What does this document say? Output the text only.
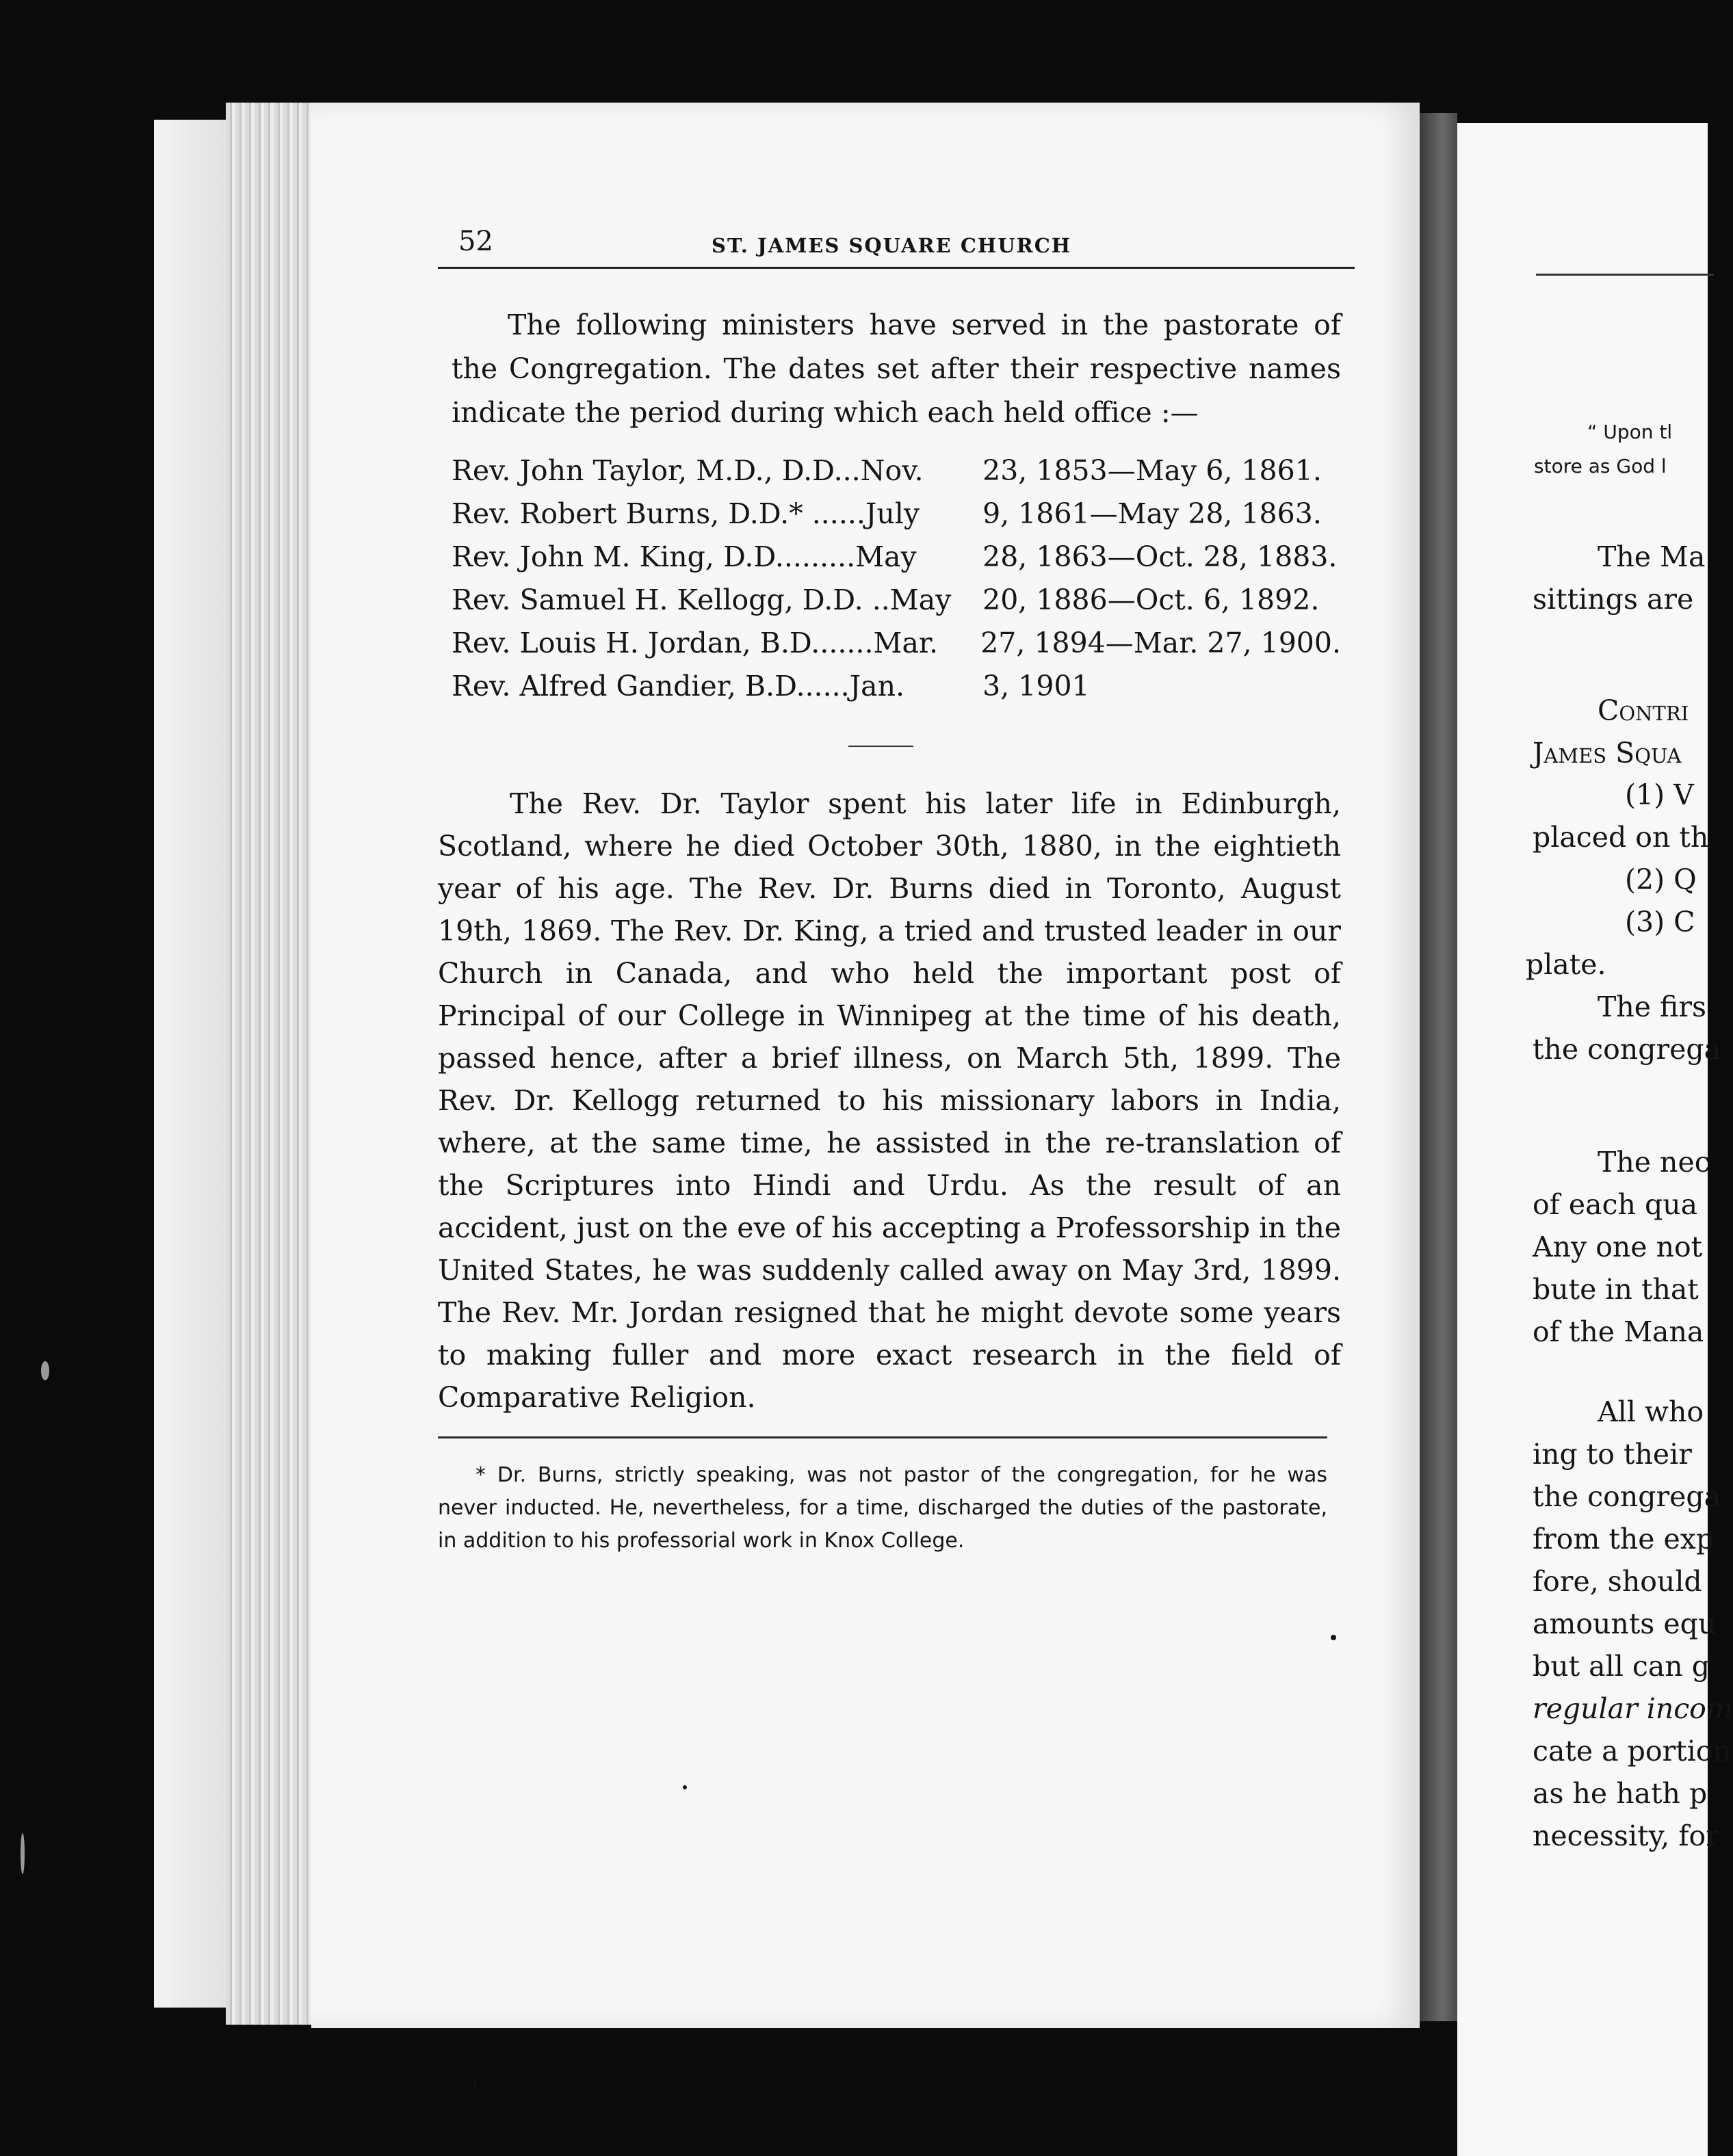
52	ST. JAMES SQUARE CHURCH

The following ministers have served in the pastorate of the Congregation. The dates set after their respective names indicate the period during which each held office :—

Rev. John Taylor, M.D., D.D...Nov.	23, 1853—May 6, 1861.
Rev. Robert Burns, D.D.* ......July	9, 1861—May 28, 1863.
Rev. John M. King, D.D.........May	28, 1863—Oct. 28, 1883.
Rev. Samuel H. Kellogg, D.D. ..May	20, 1886—Oct. 6, 1892.
Rev. Louis H. Jordan, B.D.......Mar.	27, 1894—Mar. 27, 1900.
Rev. Alfred Gandier, B.D......Jan.	3, 1901

The Rev. Dr. Taylor spent his later life in Edinburgh, Scotland, where he died October 30th, 1880, in the eightieth year of his age. The Rev. Dr. Burns died in Toronto, August 19th, 1869. The Rev. Dr. King, a tried and trusted leader in our Church in Canada, and who held the important post of Principal of our College in Winnipeg at the time of his death, passed hence, after a brief illness, on March 5th, 1899. The Rev. Dr. Kellogg returned to his missionary labors in India, where, at the same time, he assisted in the re-translation of the Scriptures into Hindi and Urdu. As the result of an accident, just on the eve of his accepting a Professorship in the United States, he was suddenly called away on May 3rd, 1899. The Rev. Mr. Jordan resigned that he might devote some years to making fuller and more exact research in the field of Comparative Religion.

* Dr. Burns, strictly speaking, was not pastor of the congregation, for he was never inducted. He, nevertheless, for a time, discharged the duties of the pastorate, in addition to his professorial work in Knox College.

“ Upon tl
store as God l
The Ma
sittings are
Contri
James Squa
(1) V
placed on th
(2) Q
(3) C
plate.
The firs
the congrega
The nec
of each qua
Any one not
bute in that
of the Mana
All who
ing to their
the congrega
from the exp
fore, should
amounts equ
but all can g
regular incom
cate a portion
as he hath p
necessity, for
